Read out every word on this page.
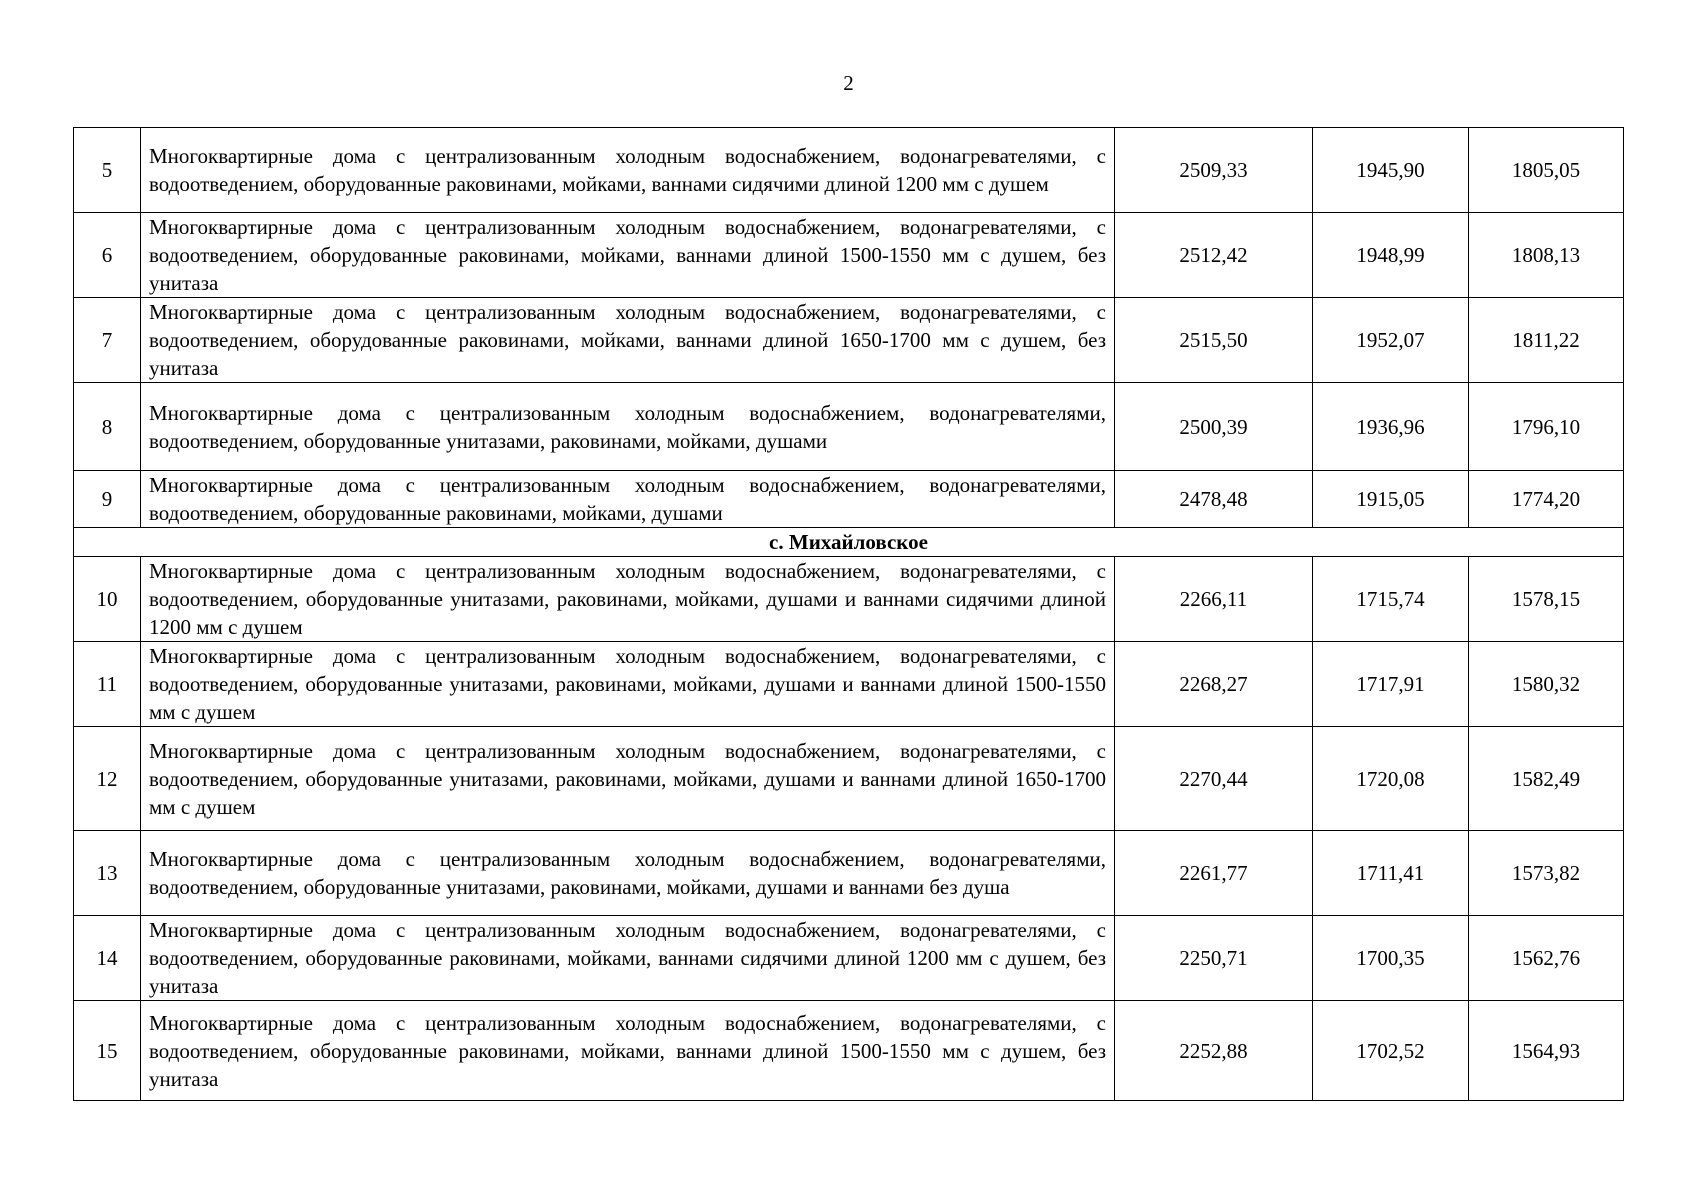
2
5	Многоквартирные дома с централизованным холодным водоснабжением, водонагревателями, с водоотведением, оборудованные раковинами, мойками, ваннами сидячими длиной 1200 мм с душем	2509,33	1945,90	1805,05
6	Многоквартирные дома с централизованным холодным водоснабжением, водонагревателями, с водоотведением, оборудованные раковинами, мойками, ваннами длиной 1500-1550 мм с душем, без унитаза	2512,42	1948,99	1808,13
7	Многоквартирные дома с централизованным холодным водоснабжением, водонагревателями, с водоотведением, оборудованные раковинами, мойками, ваннами длиной 1650-1700 мм с душем, без унитаза	2515,50	1952,07	1811,22
8	Многоквартирные дома с централизованным холодным водоснабжением, водонагревателями, водоотведением, оборудованные унитазами, раковинами, мойками, душами	2500,39	1936,96	1796,10
9	Многоквартирные дома с централизованным холодным водоснабжением, водонагревателями, водоотведением, оборудованные раковинами, мойками, душами	2478,48	1915,05	1774,20
с. Михайловское				
10	Многоквартирные дома с централизованным холодным водоснабжением, водонагревателями, с водоотведением, оборудованные унитазами, раковинами, мойками, душами и ваннами сидячими длиной 1200 мм с душем	2266,11	1715,74	1578,15
11	Многоквартирные дома с централизованным холодным водоснабжением, водонагревателями, с водоотведением, оборудованные унитазами, раковинами, мойками, душами и ваннами длиной 1500-1550 мм с душем	2268,27	1717,91	1580,32
12	Многоквартирные дома с централизованным холодным водоснабжением, водонагревателями, с водоотведением, оборудованные унитазами, раковинами, мойками, душами и ваннами длиной 1650-1700 мм с душем	2270,44	1720,08	1582,49
13	Многоквартирные дома с централизованным холодным водоснабжением, водонагревателями, водоотведением, оборудованные унитазами, раковинами, мойками, душами и ваннами без душа	2261,77	1711,41	1573,82
14	Многоквартирные дома с централизованным холодным водоснабжением, водонагревателями, с водоотведением, оборудованные раковинами, мойками, ваннами сидячими длиной 1200 мм с душем, без унитаза	2250,71	1700,35	1562,76
15	Многоквартирные дома с централизованным холодным водоснабжением, водонагревателями, с водоотведением, оборудованные раковинами, мойками, ваннами длиной 1500-1550 мм с душем, без унитаза	2252,88	1702,52	1564,93
